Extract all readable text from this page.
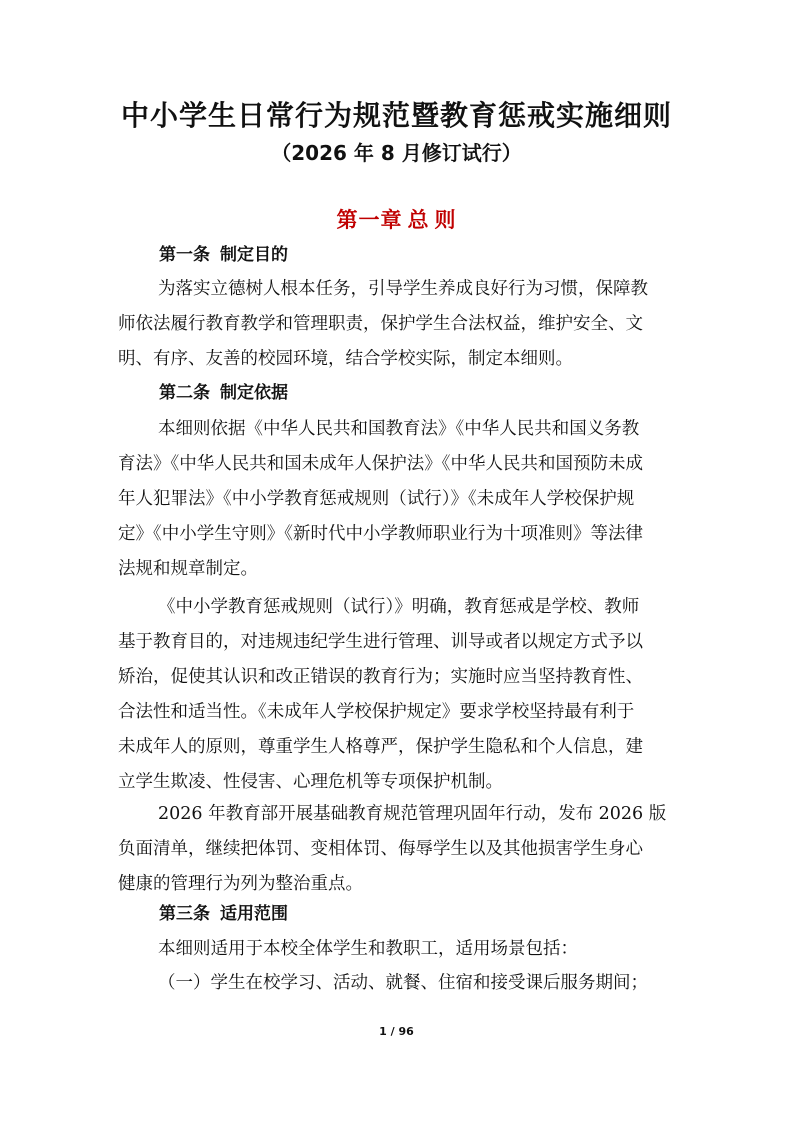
中小学生日常行为规范暨教育惩戒实施细则
（2026 年 8 月修订试行）
第一章 总 则
第一条 制定目的
为落实立德树人根本任务，引导学生养成良好行为习惯，保障教
师依法履行教育教学和管理职责，保护学生合法权益，维护安全、文
明、有序、友善的校园环境，结合学校实际，制定本细则。
第二条 制定依据
本细则依据《中华人民共和国教育法》《中华人民共和国义务教
育法》《中华人民共和国未成年人保护法》《中华人民共和国预防未成
年人犯罪法》《中小学教育惩戒规则（试行）》《未成年人学校保护规
定》《中小学生守则》《新时代中小学教师职业行为十项准则》等法律
法规和规章制定。
《中小学教育惩戒规则（试行）》明确，教育惩戒是学校、教师
基于教育目的，对违规违纪学生进行管理、训导或者以规定方式予以
矫治，促使其认识和改正错误的教育行为；实施时应当坚持教育性、
合法性和适当性。《未成年人学校保护规定》要求学校坚持最有利于
未成年人的原则，尊重学生人格尊严，保护学生隐私和个人信息，建
立学生欺凌、性侵害、心理危机等专项保护机制。
2026 年教育部开展基础教育规范管理巩固年行动，发布 2026 版
负面清单，继续把体罚、变相体罚、侮辱学生以及其他损害学生身心
健康的管理行为列为整治重点。
第三条 适用范围
本细则适用于本校全体学生和教职工，适用场景包括：
（一）学生在校学习、活动、就餐、住宿和接受课后服务期间；
1 / 96
